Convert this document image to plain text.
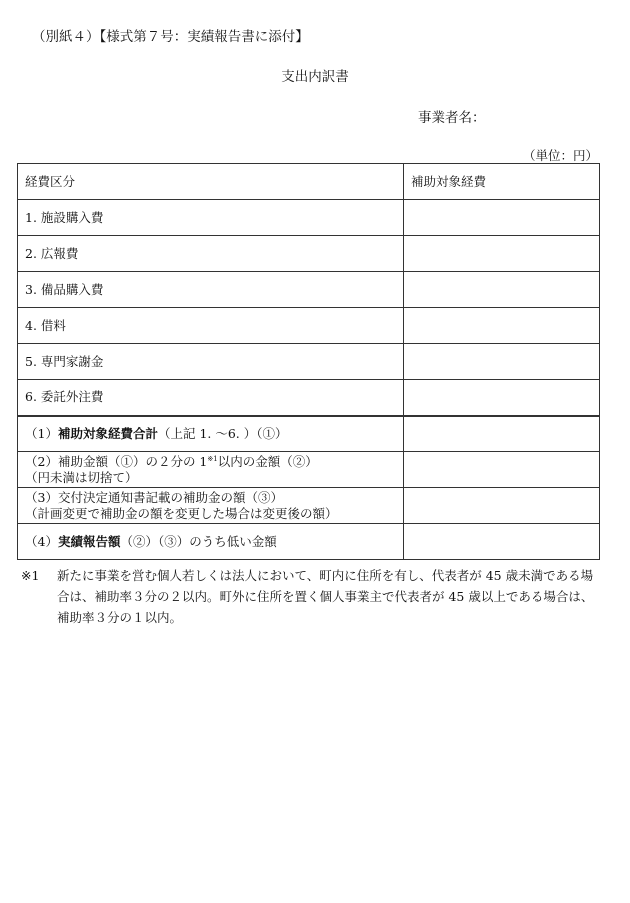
（別紙４）【様式第７号：実績報告書に添付】
支出内訳書
事業者名：
（単位：円）
経費区分	補助対象経費
1. 施設購入費	
2. 広報費	
3. 備品購入費	
4. 借料	
5. 専門家謝金	
6. 委託外注費	
（1）補助対象経費合計（上記 1. ～6. ）（①）	
（2）補助金額（①）の２分の 1$^{※1}$以内の金額（②）
（円未満は切捨て）	
（3）交付決定通知書記載の補助金の額（③）
（計画変更で補助金の額を変更した場合は変更後の額）	
（4）実績報告額（②）（③）のうち低い金額	
※1 新たに事業を営む個人若しくは法人において、町内に住所を有し、代表者が 45 歳未満である場合は、補助率３分の２以内。町外に住所を置く個人事業主で代表者が 45 歳以上である場合は、補助率３分の１以内。
